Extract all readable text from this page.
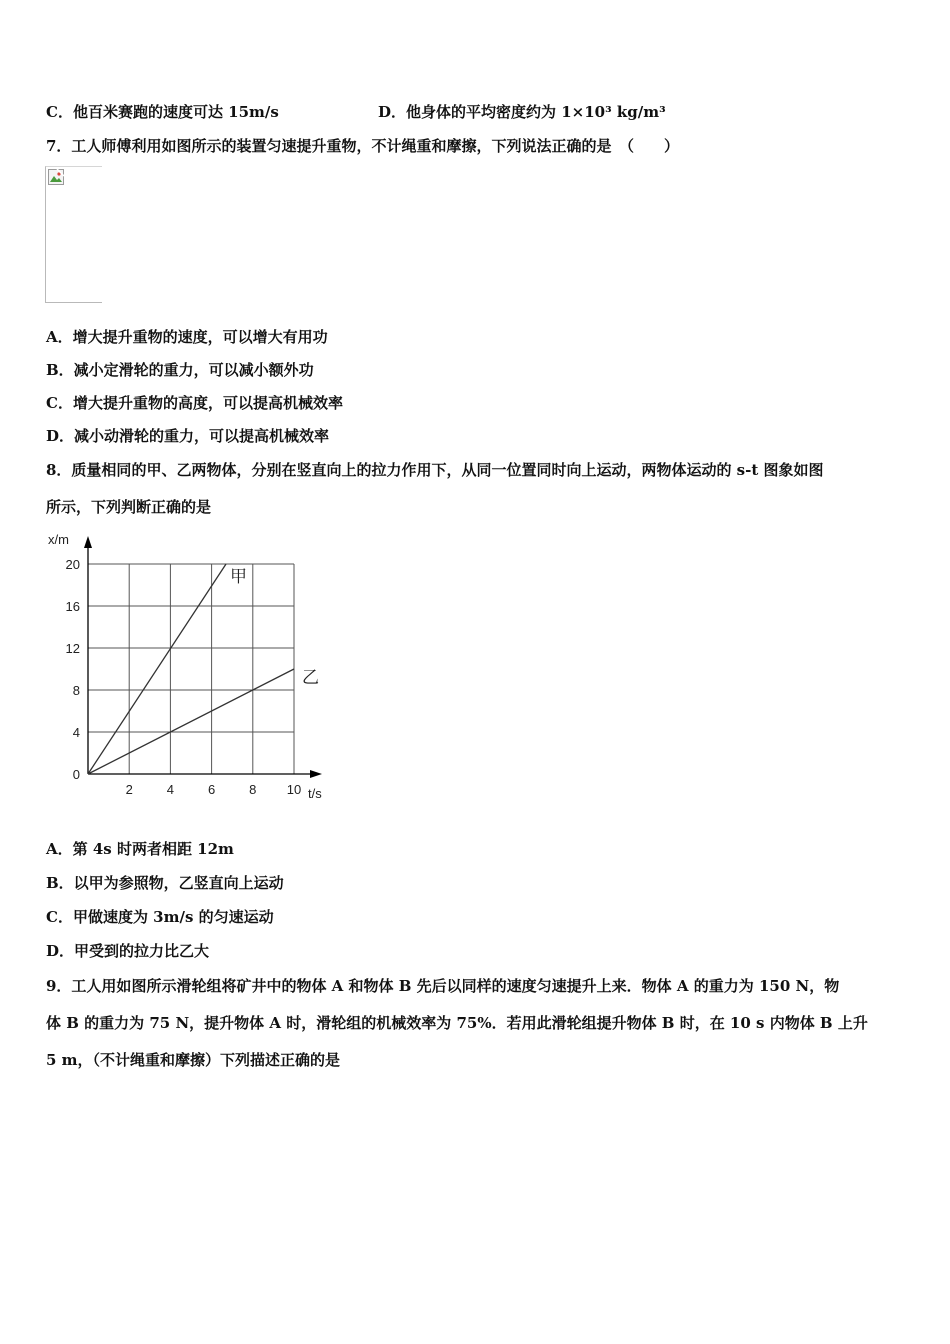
C．他百米赛跑的速度可达 15m/s	D．他身体的平均密度约为 1×10³ kg/m³
7．工人师傅利用如图所示的装置匀速提升重物，不计绳重和摩擦，下列说法正确的是　（　　）
A．增大提升重物的速度，可以增大有用功
B．减小定滑轮的重力，可以减小额外功
C．增大提升重物的高度，可以提高机械效率
D．减小动滑轮的重力，可以提高机械效率
8．质量相同的甲、乙两物体，分别在竖直向上的拉力作用下，从同一位置同时向上运动，两物体运动的 s-t 图象如图
所示，下列判断正确的是
2	4	6	8 10
20
16
12
8
4
0
甲
乙
x/m
t/s
A．第 4s 时两者相距 12m
B．以甲为参照物，乙竖直向上运动
C．甲做速度为 3m/s 的匀速运动
D．甲受到的拉力比乙大
9．工人用如图所示滑轮组将矿井中的物体 A 和物体 B 先后以同样的速度匀速提升上来．物体 A 的重力为 150 N，物
体 B 的重力为 75 N，提升物体 A 时，滑轮组的机械效率为 75%．若用此滑轮组提升物体 B 时，在 10 s 内物体 B 上升
5 m，（不计绳重和摩擦）下列描述正确的是
